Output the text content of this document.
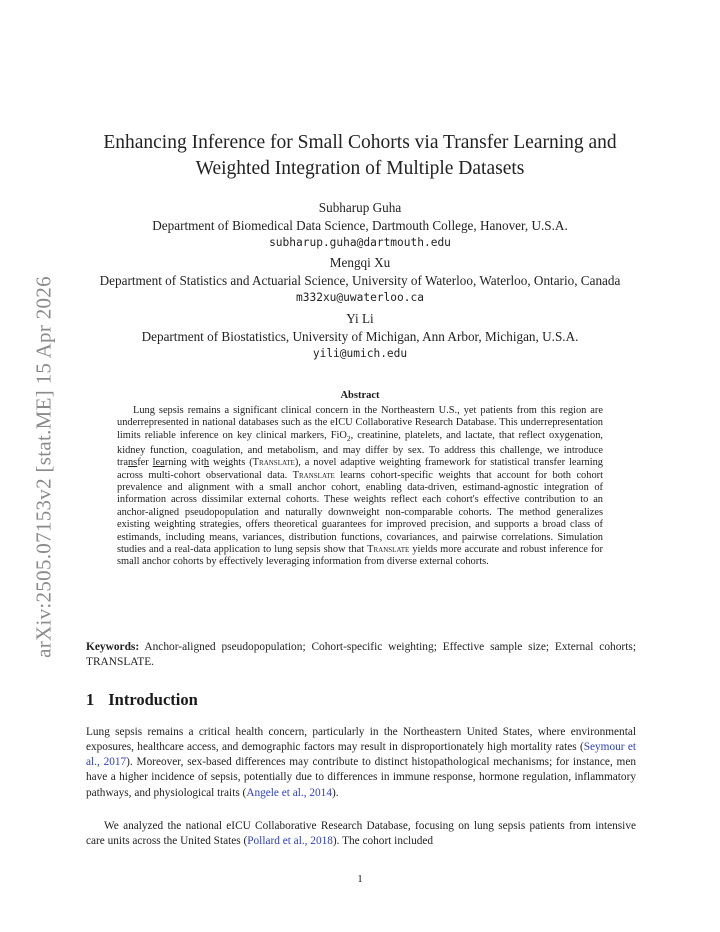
arXiv:2505.07153v2 [stat.ME] 15 Apr 2026
Enhancing Inference for Small Cohorts via Transfer Learning and
Weighted Integration of Multiple Datasets
Subharup Guha
Department of Biomedical Data Science, Dartmouth College, Hanover, U.S.A.
subharup.guha@dartmouth.edu
Mengqi Xu
Department of Statistics and Actuarial Science, University of Waterloo, Waterloo, Ontario, Canada
m332xu@uwaterloo.ca
Yi Li
Department of Biostatistics, University of Michigan, Ann Arbor, Michigan, U.S.A.
yili@umich.edu
Abstract
Lung sepsis remains a significant clinical concern in the Northeastern U.S., yet patients from this region are underrepresented in national databases such as the eICU Collaborative Research Database. This underrepresentation limits reliable inference on key clinical markers, FiO$_2$, creatinine, platelets, and lactate, that reflect oxygenation, kidney function, coagulation, and metabolism, and may differ by sex. To address this challenge, we introduce transfer learning with weights (Translate), a novel adaptive weighting framework for statistical transfer learning across multi-cohort observational data. Translate learns cohort-specific weights that account for both cohort prevalence and alignment with a small anchor cohort, enabling data-driven, estimand-agnostic integration of information across dissimilar external cohorts. These weights reflect each cohort's effective contribution to an anchor-aligned pseudopopulation and naturally downweight non-comparable cohorts. The method generalizes existing weighting strategies, offers theoretical guarantees for improved precision, and supports a broad class of estimands, including means, variances, distribution functions, covariances, and pairwise correlations. Simulation studies and a real-data application to lung sepsis show that Translate yields more accurate and robust inference for small anchor cohorts by effectively leveraging information from diverse external cohorts.
Keywords: Anchor-aligned pseudopopulation; Cohort-specific weighting; Effective sample size; External cohorts; TRANSLATE.
1 Introduction
Lung sepsis remains a critical health concern, particularly in the Northeastern United States, where environmental exposures, healthcare access, and demographic factors may result in disproportionately high mortality rates (Seymour et al., 2017). Moreover, sex-based differences may contribute to distinct histopathological mechanisms; for instance, men have a higher incidence of sepsis, potentially due to differences in immune response, hormone regulation, inflammatory pathways, and physiological traits (Angele et al., 2014).
We analyzed the national eICU Collaborative Research Database, focusing on lung sepsis patients from intensive care units across the United States (Pollard et al., 2018). The cohort included
1
